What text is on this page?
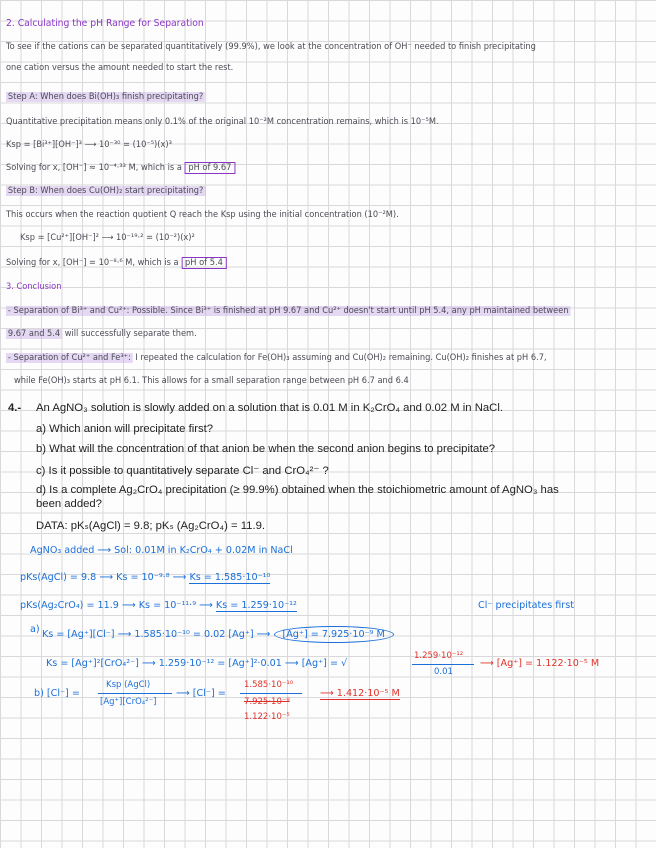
2. Calculating the pH Range for Separation
To see if the cations can be separated quantitatively (99.9%), we look at the concentration of OH⁻ needed to finish precipitating
one cation versus the amount needed to start the rest.
Step A: When does Bi(OH)₃ finish precipitating?
Quantitative precipitation means only 0.1% of the original 10⁻²M concentration remains, which is 10⁻⁵M.
Ksp = [Bi³⁺][OH⁻]³ ⟶ 10⁻³⁰ = (10⁻⁵)(x)³
Solving for x, [OH⁻] ≈ 10⁻⁴·³³ M, which is a pH of 9.67
Step B: When does Cu(OH)₂ start precipitating?
This occurs when the reaction quotient Q reach the Ksp using the initial concentration (10⁻²M).
Ksp = [Cu²⁺][OH⁻]² ⟶ 10⁻¹⁹·² = (10⁻²)(x)²
Solving for x, [OH⁻] = 10⁻⁸·⁶ M, which is a pH of 5.4
3. Conclusion
- Separation of Bi³⁺ and Cu²⁺: Possible. Since Bi³⁺ is finished at pH 9.67 and Cu²⁺ doesn't start until pH 5.4, any pH maintained between
9.67 and 5.4 will successfully separate them.
- Separation of Cu²⁺ and Fe³⁺: I repeated the calculation for Fe(OH)₃ assuming and Cu(OH)₂ remaining. Cu(OH)₂ finishes at pH 6.7,
while Fe(OH)₃ starts at pH 6.1. This allows for a small separation range between pH 6.7 and 6.4
4.- An AgNO₃ solution is slowly added on a solution that is 0.01 M in K₂CrO₄ and 0.02 M in NaCl.
a) Which anion will precipitate first?
b) What will the concentration of that anion be when the second anion begins to precipitate?
c) Is it possible to quantitatively separate Cl⁻ and CrO₄²⁻ ?
d) Is a complete Ag₂CrO₄ precipitation (≥ 99.9%) obtained when the stoichiometric amount of AgNO₃ has
been added?
DATA: pKₛ(AgCl) = 9.8; pKₛ (Ag₂CrO₄) = 11.9.
AgNO₃ added ⟶ Sol: 0.01M in K₂CrO₄ + 0.02M in NaCl
pKs(AgCl) = 9.8 ⟶ Ks = 10⁻⁹·⁸ ⟶ Ks = 1.585·10⁻¹⁰
pKs(Ag₂CrO₄) = 11.9 ⟶ Ks = 10⁻¹¹·⁹ ⟶ Ks = 1.259·10⁻¹²	Cl⁻ precipitates first
a) Ks = [Ag⁺][Cl⁻] ⟶ 1.585·10⁻¹⁰ = 0.02 [Ag⁺] ⟶ [Ag⁺] = 7.925·10⁻⁹ M
Ks = [Ag⁺]²[CrO₄²⁻] ⟶ 1.259·10⁻¹² = [Ag⁺]²·0.01 ⟶ [Ag⁺] = √
1.259·10⁻¹²
0.01
⟶ [Ag⁺] = 1.122·10⁻⁵ M
b) [Cl⁻] =
Ksp (AgCl)
[Ag⁺][CrO₄²⁻]
⟶ [Cl⁻] =
1.585·10⁻¹⁰
7.925·10⁻⁹
1.122·10⁻⁵
⟶ 1.412·10⁻⁵ M
